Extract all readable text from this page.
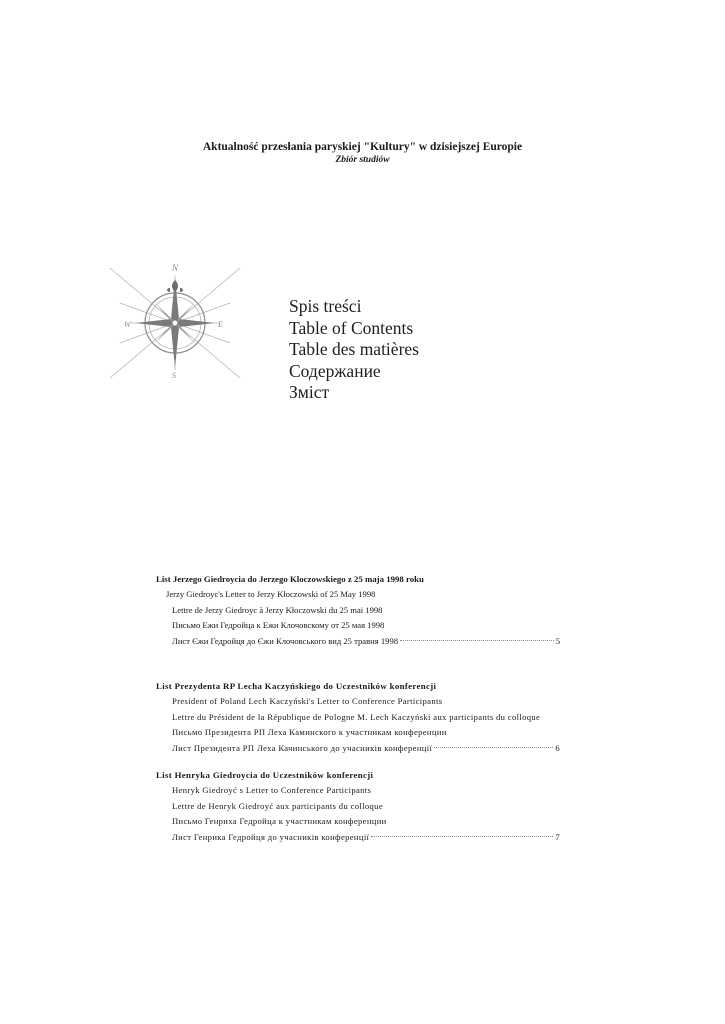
Aktualność przesłania paryskiej "Kultury" w dzisiejszej Europie
Zbiór studiów
N
W	E
S
Spis treści
Table of Contents
Table des matières
Содержание
Зміст
List Jerzego Giedroycia do Jerzego Kloczowskiego z 25 maja 1998 roku
Jerzy Giedroyc's Letter to Jerzy Kłoczowski of 25 May 1998
Lettre de Jerzy Giedroyc à Jerzy Kłoczowski du 25 mai 1998
Письмо Ежи Гедройца к Ежи Клочовскому от 25 мая 1998
Лист Єжи Гедройця до Єжи Клочовського вид 25 травня 1998	5
List Prezydenta RP Lecha Kaczyńskiego do Uczestników konferencji
President of Poland Lech Kaczyński's Letter to Conference Participants
Lettre du Président de la République de Pologne M. Lech Kaczyński aux participants du colloque
Письмо Президента РП Леха Каминского к участникам конференции
Лист Президента РП Леха Качинського до учасників конференції	6
List Henryka Giedroycia do Uczestników konferencji
Henryk Giedroyć s Letter to Conference Participants
Lettre de Henryk Giedroyć aux participants du colloque
Письмо Генриха Гедройца к участникам конференции
Лист Генрика Гедройця до учасників конференції	7
